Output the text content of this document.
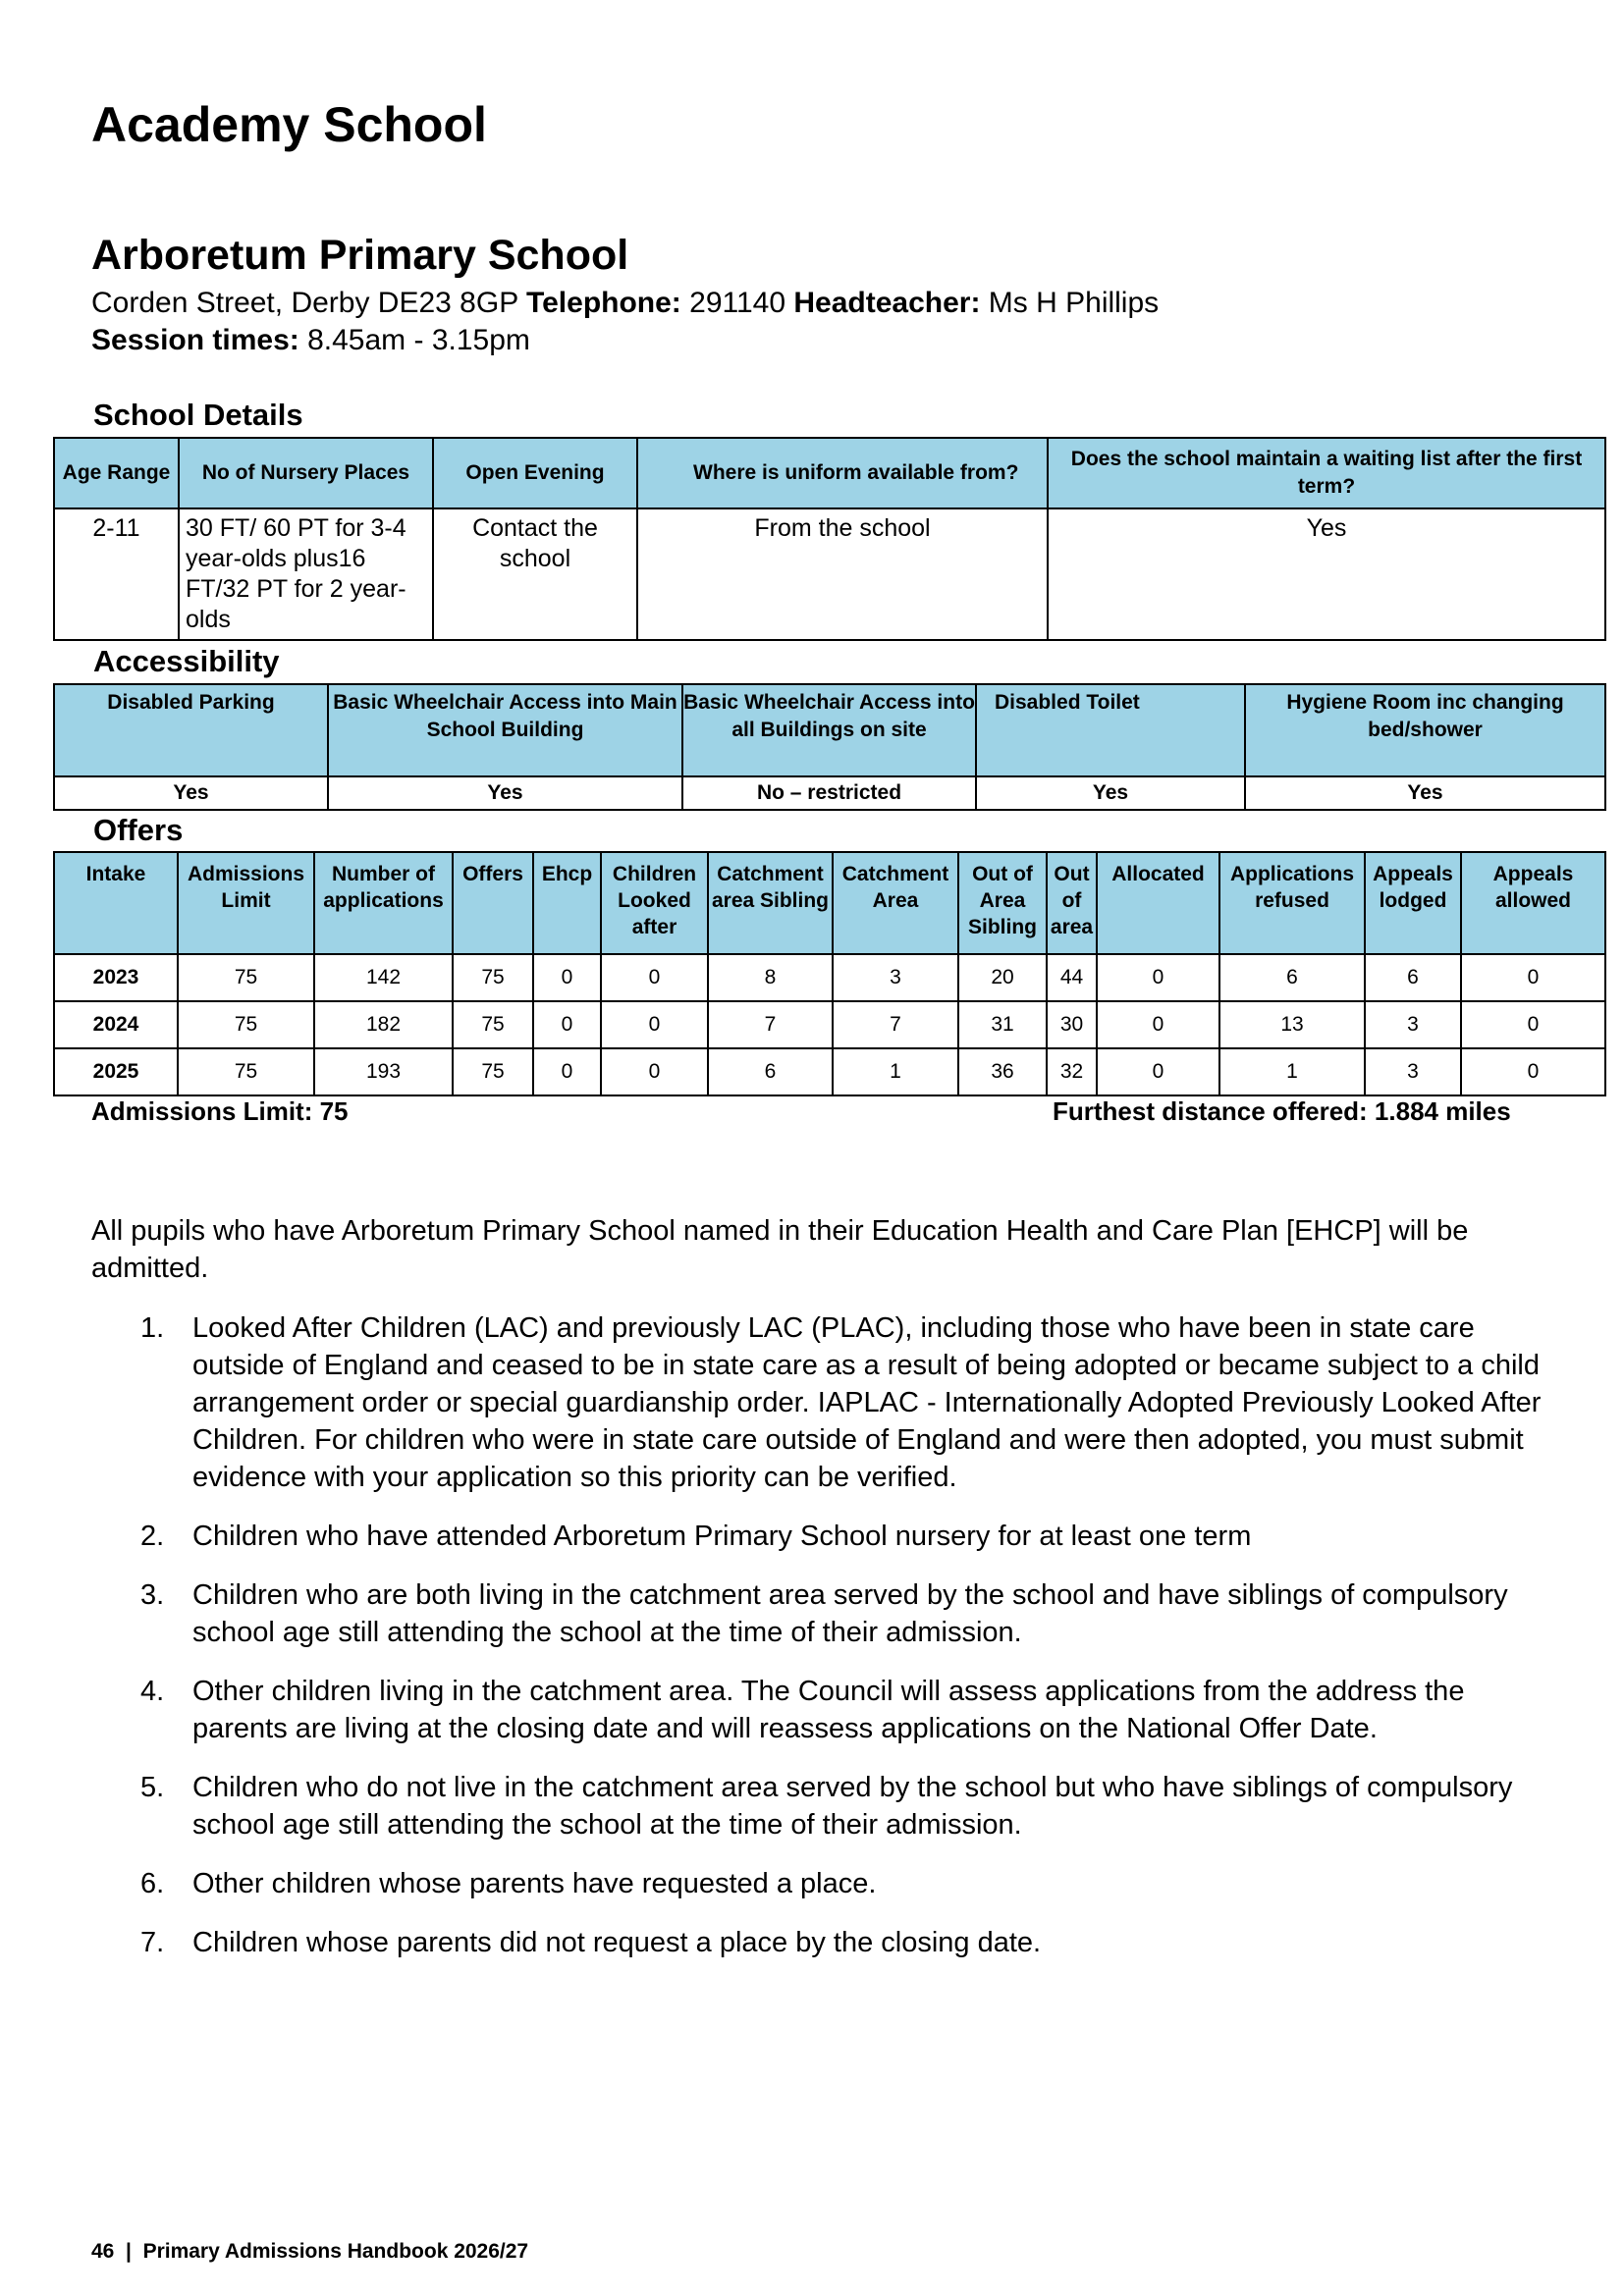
Academy School
Arboretum Primary School
Corden Street, Derby DE23 8GP Telephone: 291140 Headteacher: Ms H Phillips
Session times: 8.45am - 3.15pm
School Details
Age Range	No of Nursery Places	Open Evening	Where is uniform available from?	Does the school maintain a waiting list after the first term?
2-11	30 FT/ 60 PT for 3-4 year-olds plus16 FT/32 PT for 2 year-olds	Contact the school	From the school	Yes
Accessibility
Disabled Parking	Basic Wheelchair Access into Main School Building	Basic Wheelchair Access into all Buildings on site	Disabled Toilet	Hygiene Room inc changing bed/shower
Yes	Yes	No – restricted	Yes	Yes
Offers
Intake	Admissions Limit	Number of applications	Offers	Ehcp	Children Looked after	Catchment area Sibling	Catchment Area	Out of Area Sibling	Out of area	Allocated	Applications refused	Appeals lodged	Appeals allowed
2023	75	142	75	0	0	8	3	20	44	0	6	6	0
2024	75	182	75	0	0	7	7	31	30	0	13	3	0
2025	75	193	75	0	0	6	1	36	32	0	1	3	0
Admissions Limit: 75	Furthest distance offered: 1.884 miles
All pupils who have Arboretum Primary School named in their Education Health and Care Plan [EHCP] will be admitted.
1. Looked After Children (LAC) and previously LAC (PLAC), including those who have been in state care outside of England and ceased to be in state care as a result of being adopted or became subject to a child arrangement order or special guardianship order. IAPLAC - Internationally Adopted Previously Looked After Children. For children who were in state care outside of England and were then adopted, you must submit evidence with your application so this priority can be verified.
2. Children who have attended Arboretum Primary School nursery for at least one term
3. Children who are both living in the catchment area served by the school and have siblings of compulsory school age still attending the school at the time of their admission.
4. Other children living in the catchment area. The Council will assess applications from the address the parents are living at the closing date and will reassess applications on the National Offer Date.
5. Children who do not live in the catchment area served by the school but who have siblings of compulsory school age still attending the school at the time of their admission.
6. Other children whose parents have requested a place.
7. Children whose parents did not request a place by the closing date.
46  |  Primary Admissions Handbook 2026/27
